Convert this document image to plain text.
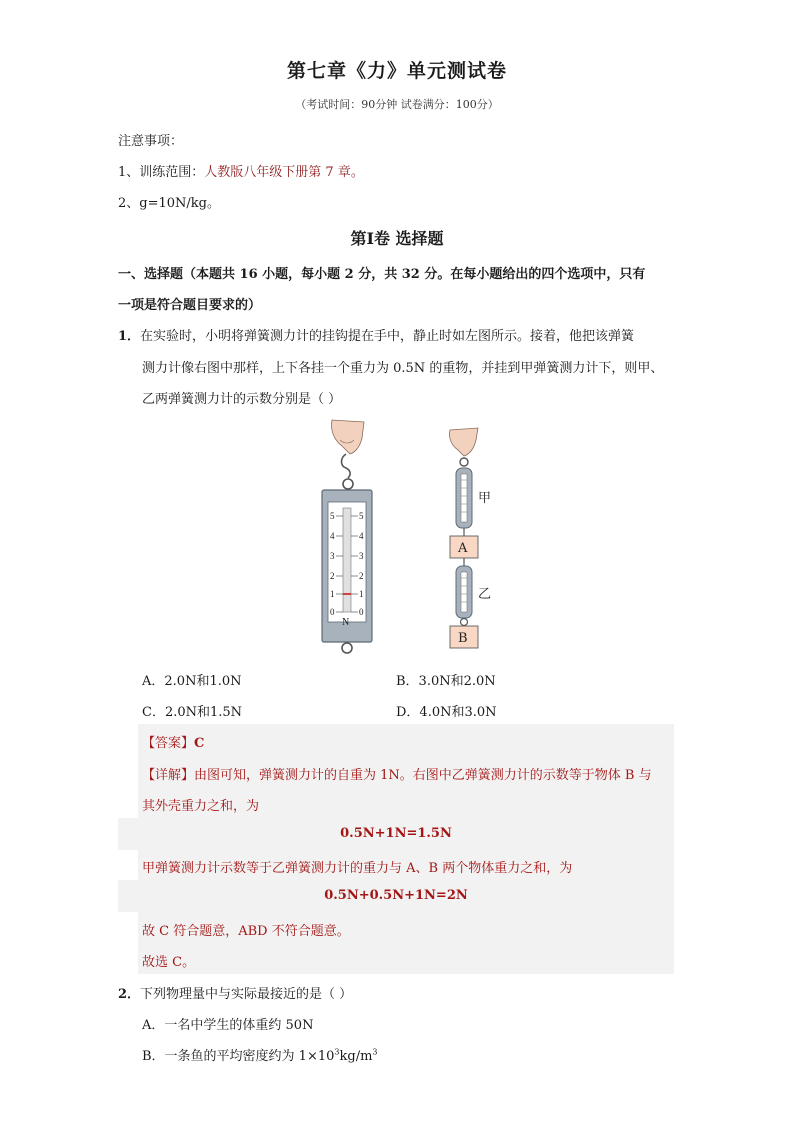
第七章《力》单元测试卷
（考试时间：90分钟 试卷满分：100分）
注意事项：
1、训练范围：人教版八年级下册第 7 章。
2、g=10N/kg。
第Ⅰ卷 选择题
一、选择题（本题共 16 小题，每小题 2 分，共 32 分。在每小题给出的四个选项中，只有
一项是符合题目要求的）
1．在实验时，小明将弹簧测力计的挂钩提在手中，静止时如左图所示。接着，他把该弹簧
测力计像右图中那样，上下各挂一个重力为 0.5N 的重物，并挂到甲弹簧测力计下，则甲、
乙两弹簧测力计的示数分别是（ ）
5	5
4	4
3	3
2	2
1	1
0	0
N
甲
A
乙
B
A．2.0N和1.0N	B．3.0N和2.0N
C．2.0N和1.5N	D．4.0N和3.0N
【答案】C
【详解】由图可知，弹簧测力计的自重为 1N。右图中乙弹簧测力计的示数等于物体 B 与
其外壳重力之和，为
0.5N+1N=1.5N
甲弹簧测力计示数等于乙弹簧测力计的重力与 A、B 两个物体重力之和，为
0.5N+0.5N+1N=2N
故 C 符合题意，ABD 不符合题意。
故选 C。
2．下列物理量中与实际最接近的是（ ）
A．一名中学生的体重约 50N
B．一条鱼的平均密度约为 $1\times 10^3kg/m^3$
